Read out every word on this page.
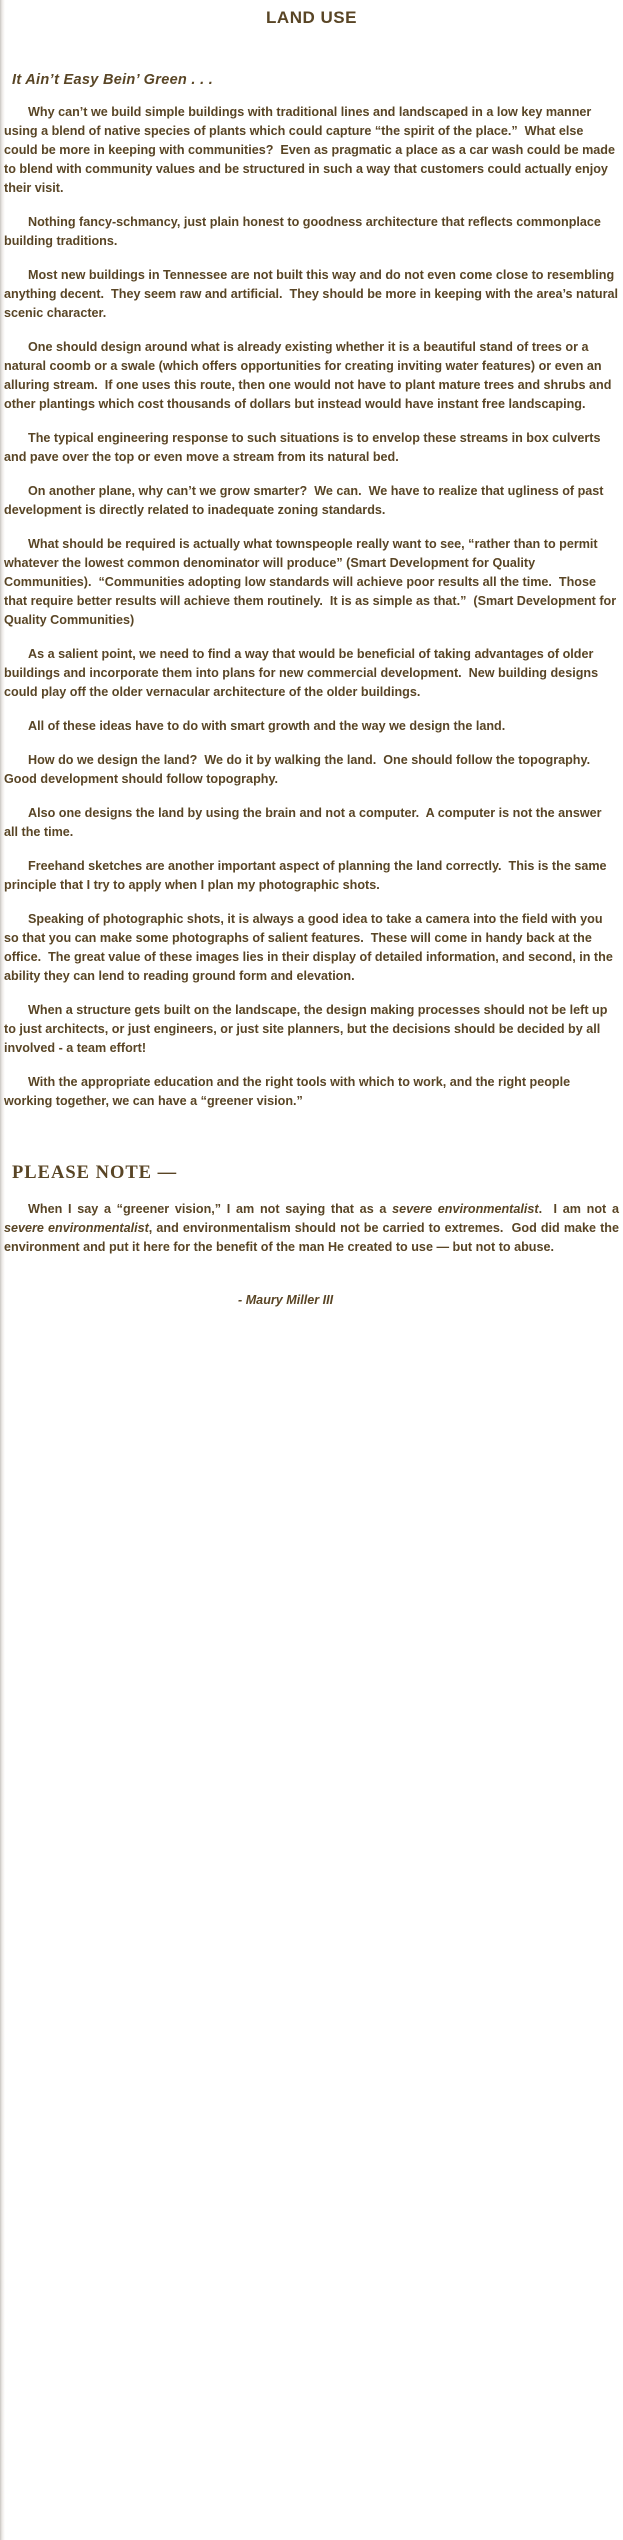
LAND USE
It Ain’t Easy Bein’ Green . . .

Why can’t we build simple buildings with traditional lines and landscaped in a low key manner using a blend of native species of plants which could capture “the spirit of the place.”  What else could be more in keeping with communities?  Even as pragmatic a place as a car wash could be made to blend with community values and be structured in such a way that customers could actually enjoy their visit.

Nothing fancy-schmancy, just plain honest to goodness architecture that reflects commonplace building traditions.

Most new buildings in Tennessee are not built this way and do not even come close to resembling anything decent.  They seem raw and artificial.  They should be more in keeping with the area’s natural scenic character.

One should design around what is already existing whether it is a beautiful stand of trees or a natural coomb or a swale (which offers opportunities for creating inviting water features) or even an alluring stream.  If one uses this route, then one would not have to plant mature trees and shrubs and other plantings which cost thousands of dollars but instead would have instant free landscaping.

The typical engineering response to such situations is to envelop these streams in box culverts and pave over the top or even move a stream from its natural bed.

On another plane, why can’t we grow smarter?  We can.  We have to realize that ugliness of past development is directly related to inadequate zoning standards.

What should be required is actually what townspeople really want to see, “rather than to permit whatever the lowest common denominator will produce” (Smart Development for Quality Communities).  “Communities adopting low standards will achieve poor results all the time.  Those that require better results will achieve them routinely.  It is as simple as that.”  (Smart Development for Quality Communities)

As a salient point, we need to find a way that would be beneficial of taking advantages of older buildings and incorporate them into plans for new commercial development.  New building designs could play off the older vernacular architecture of the older buildings.

All of these ideas have to do with smart growth and the way we design the land.

How do we design the land?  We do it by walking the land.  One should follow the topography.  Good development should follow topography.

Also one designs the land by using the brain and not a computer.  A computer is not the answer all the time.

Freehand sketches are another important aspect of planning the land correctly.  This is the same principle that I try to apply when I plan my photographic shots.

Speaking of photographic shots, it is always a good idea to take a camera into the field with you so that you can make some photographs of salient features.  These will come in handy back at the office.  The great value of these images lies in their display of detailed information, and second, in the ability they can lend to reading ground form and elevation.

When a structure gets built on the landscape, the design making processes should not be left up to just architects, or just engineers, or just site planners, but the decisions should be decided by all involved - a team effort!

With the appropriate education and the right tools with which to work, and the right people working together, we can have a “greener vision.”

PLEASE NOTE —

When I say a “greener vision,” I am not saying that as a severe environmentalist.  I am not a severe environmentalist, and environmentalism should not be carried to extremes.  God did make the environment and put it here for the benefit of the man He created to use — but not to abuse.

- Maury Miller III
